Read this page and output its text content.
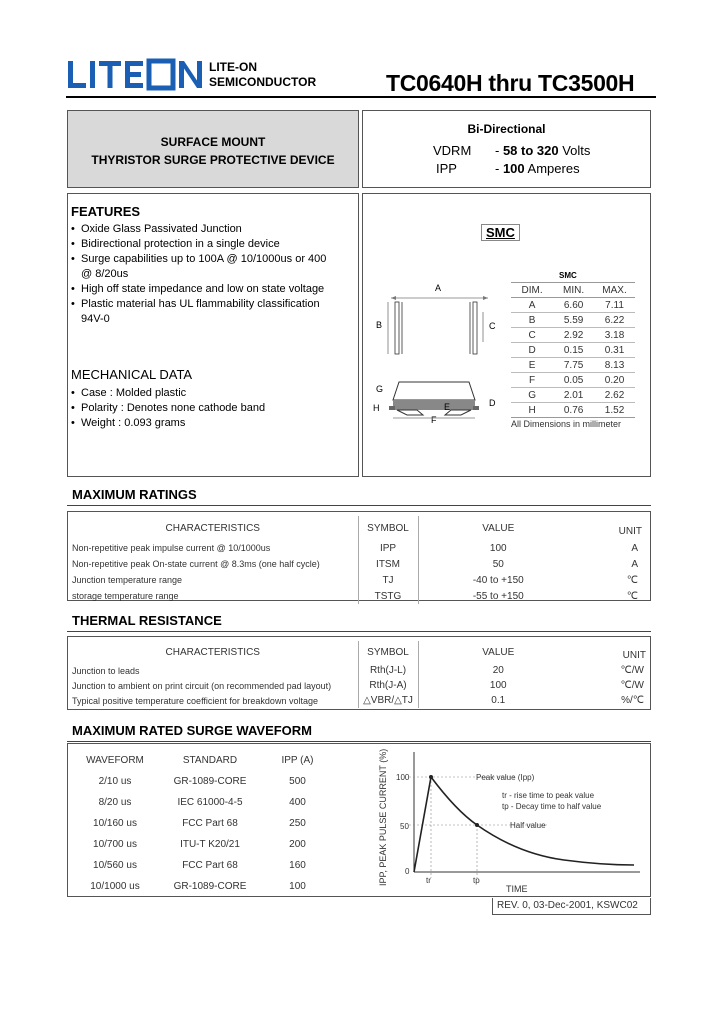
LITE-ON
SEMICONDUCTOR	TC0640H thru TC3500H
SURFACE MOUNT
THYRISTOR SURGE PROTECTIVE DEVICE
Bi-Directional
VDRM - 58 to 320 Volts
IPP	- 100 Amperes
FEATURES
• Oxide Glass Passivated Junction
• Bidirectional protection in a single device
• Surge capabilities up to 100A @ 10/1000us or 400 @ 8/20us
• High off state impedance and low on state voltage
• Plastic material has UL flammability classification 94V-0
MECHANICAL DATA
• Case : Molded plastic
• Polarity : Denotes none cathode band
• Weight : 0.093 grams
SMC
A
B	C
G
H	E	D
F
SMC
DIM.	MIN.	MAX.
A	6.60	7.11
B	5.59	6.22
C	2.92	3.18
D	0.15	0.31
E	7.75	8.13
F	0.05	0.20
G	2.01	2.62
H	0.76	1.52
All Dimensions in millimeter
MAXIMUM RATINGS
CHARACTERISTICS	SYMBOL	VALUE	UNIT
Non-repetitive peak impulse current @ 10/1000us	IPP	100	A
Non-repetitive peak On-state current @ 8.3ms (one half cycle)	ITSM	50	A
Junction temperature range	TJ	-40 to +150	℃
storage temperature range	TSTG	-55 to +150	℃
THERMAL RESISTANCE
CHARACTERISTICS	SYMBOL	VALUE	UNIT
Junction to leads	Rth(J-L)	20	℃/W
Junction to ambient on print circuit (on recommended pad layout)	Rth(J-A)	100	℃/W
Typical positive temperature coefficient for breakdown voltage	△VBR/△TJ	0.1	%/℃
MAXIMUM RATED SURGE WAVEFORM
WAVEFORM	STANDARD	IPP (A)
2/10 us	GR-1089-CORE	500
8/20 us	IEC 61000-4-5	400
10/160 us	FCC Part 68	250
10/700 us	ITU-T K20/21	200
10/560 us	FCC Part 68	160
10/1000 us	GR-1089-CORE	100
IPP, PEAK PULSE CURRENT (%) 100
50
0
tr	tp
TIME
Peak value (Ipp)
tr - rise time to peak value
tp - Decay time to half value
Half value
REV. 0, 03-Dec-2001, KSWC02
